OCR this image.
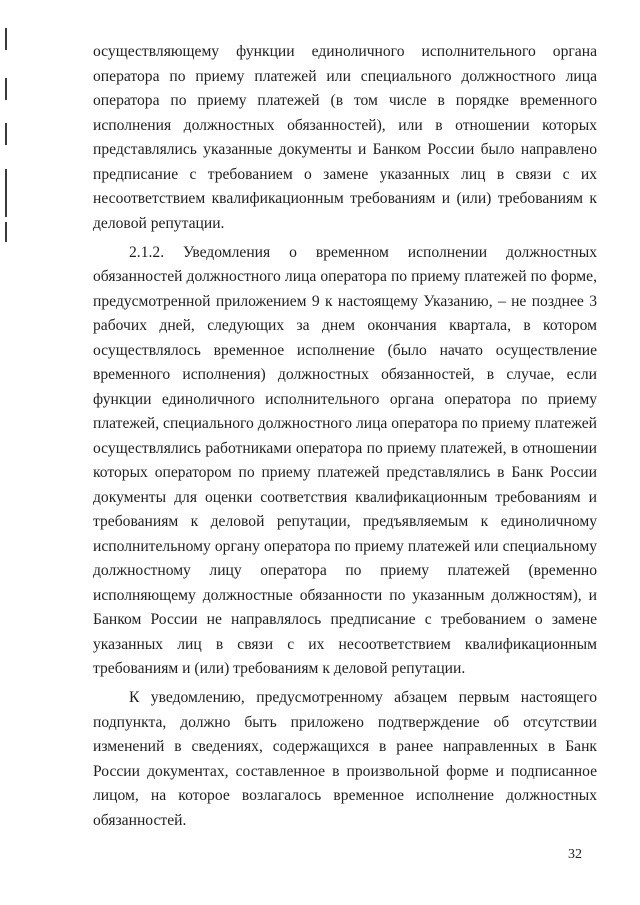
осуществляющему функции единоличного исполнительного органа оператора по приему платежей или специального должностного лица оператора по приему платежей (в том числе в порядке временного исполнения должностных обязанностей), или в отношении которых представлялись указанные документы и Банком России было направлено предписание с требованием о замене указанных лиц в связи с их несоответствием квалификационным требованиям и (или) требованиям к деловой репутации.

2.1.2. Уведомления о временном исполнении должностных обязанностей должностного лица оператора по приему платежей по форме, предусмотренной приложением 9 к настоящему Указанию, – не позднее 3 рабочих дней, следующих за днем окончания квартала, в котором осуществлялось временное исполнение (было начато осуществление временного исполнения) должностных обязанностей, в случае, если функции единоличного исполнительного органа оператора по приему платежей, специального должностного лица оператора по приему платежей осуществлялись работниками оператора по приему платежей, в отношении которых оператором по приему платежей представлялись в Банк России документы для оценки соответствия квалификационным требованиям и требованиям к деловой репутации, предъявляемым к единоличному исполнительному органу оператора по приему платежей или специальному должностному лицу оператора по приему платежей (временно исполняющему должностные обязанности по указанным должностям), и Банком России не направлялось предписание с требованием о замене указанных лиц в связи с их несоответствием квалификационным требованиям и (или) требованиям к деловой репутации.

К уведомлению, предусмотренному абзацем первым настоящего подпункта, должно быть приложено подтверждение об отсутствии изменений в сведениях, содержащихся в ранее направленных в Банк России документах, составленное в произвольной форме и подписанное лицом, на которое возлагалось временное исполнение должностных обязанностей.

32
